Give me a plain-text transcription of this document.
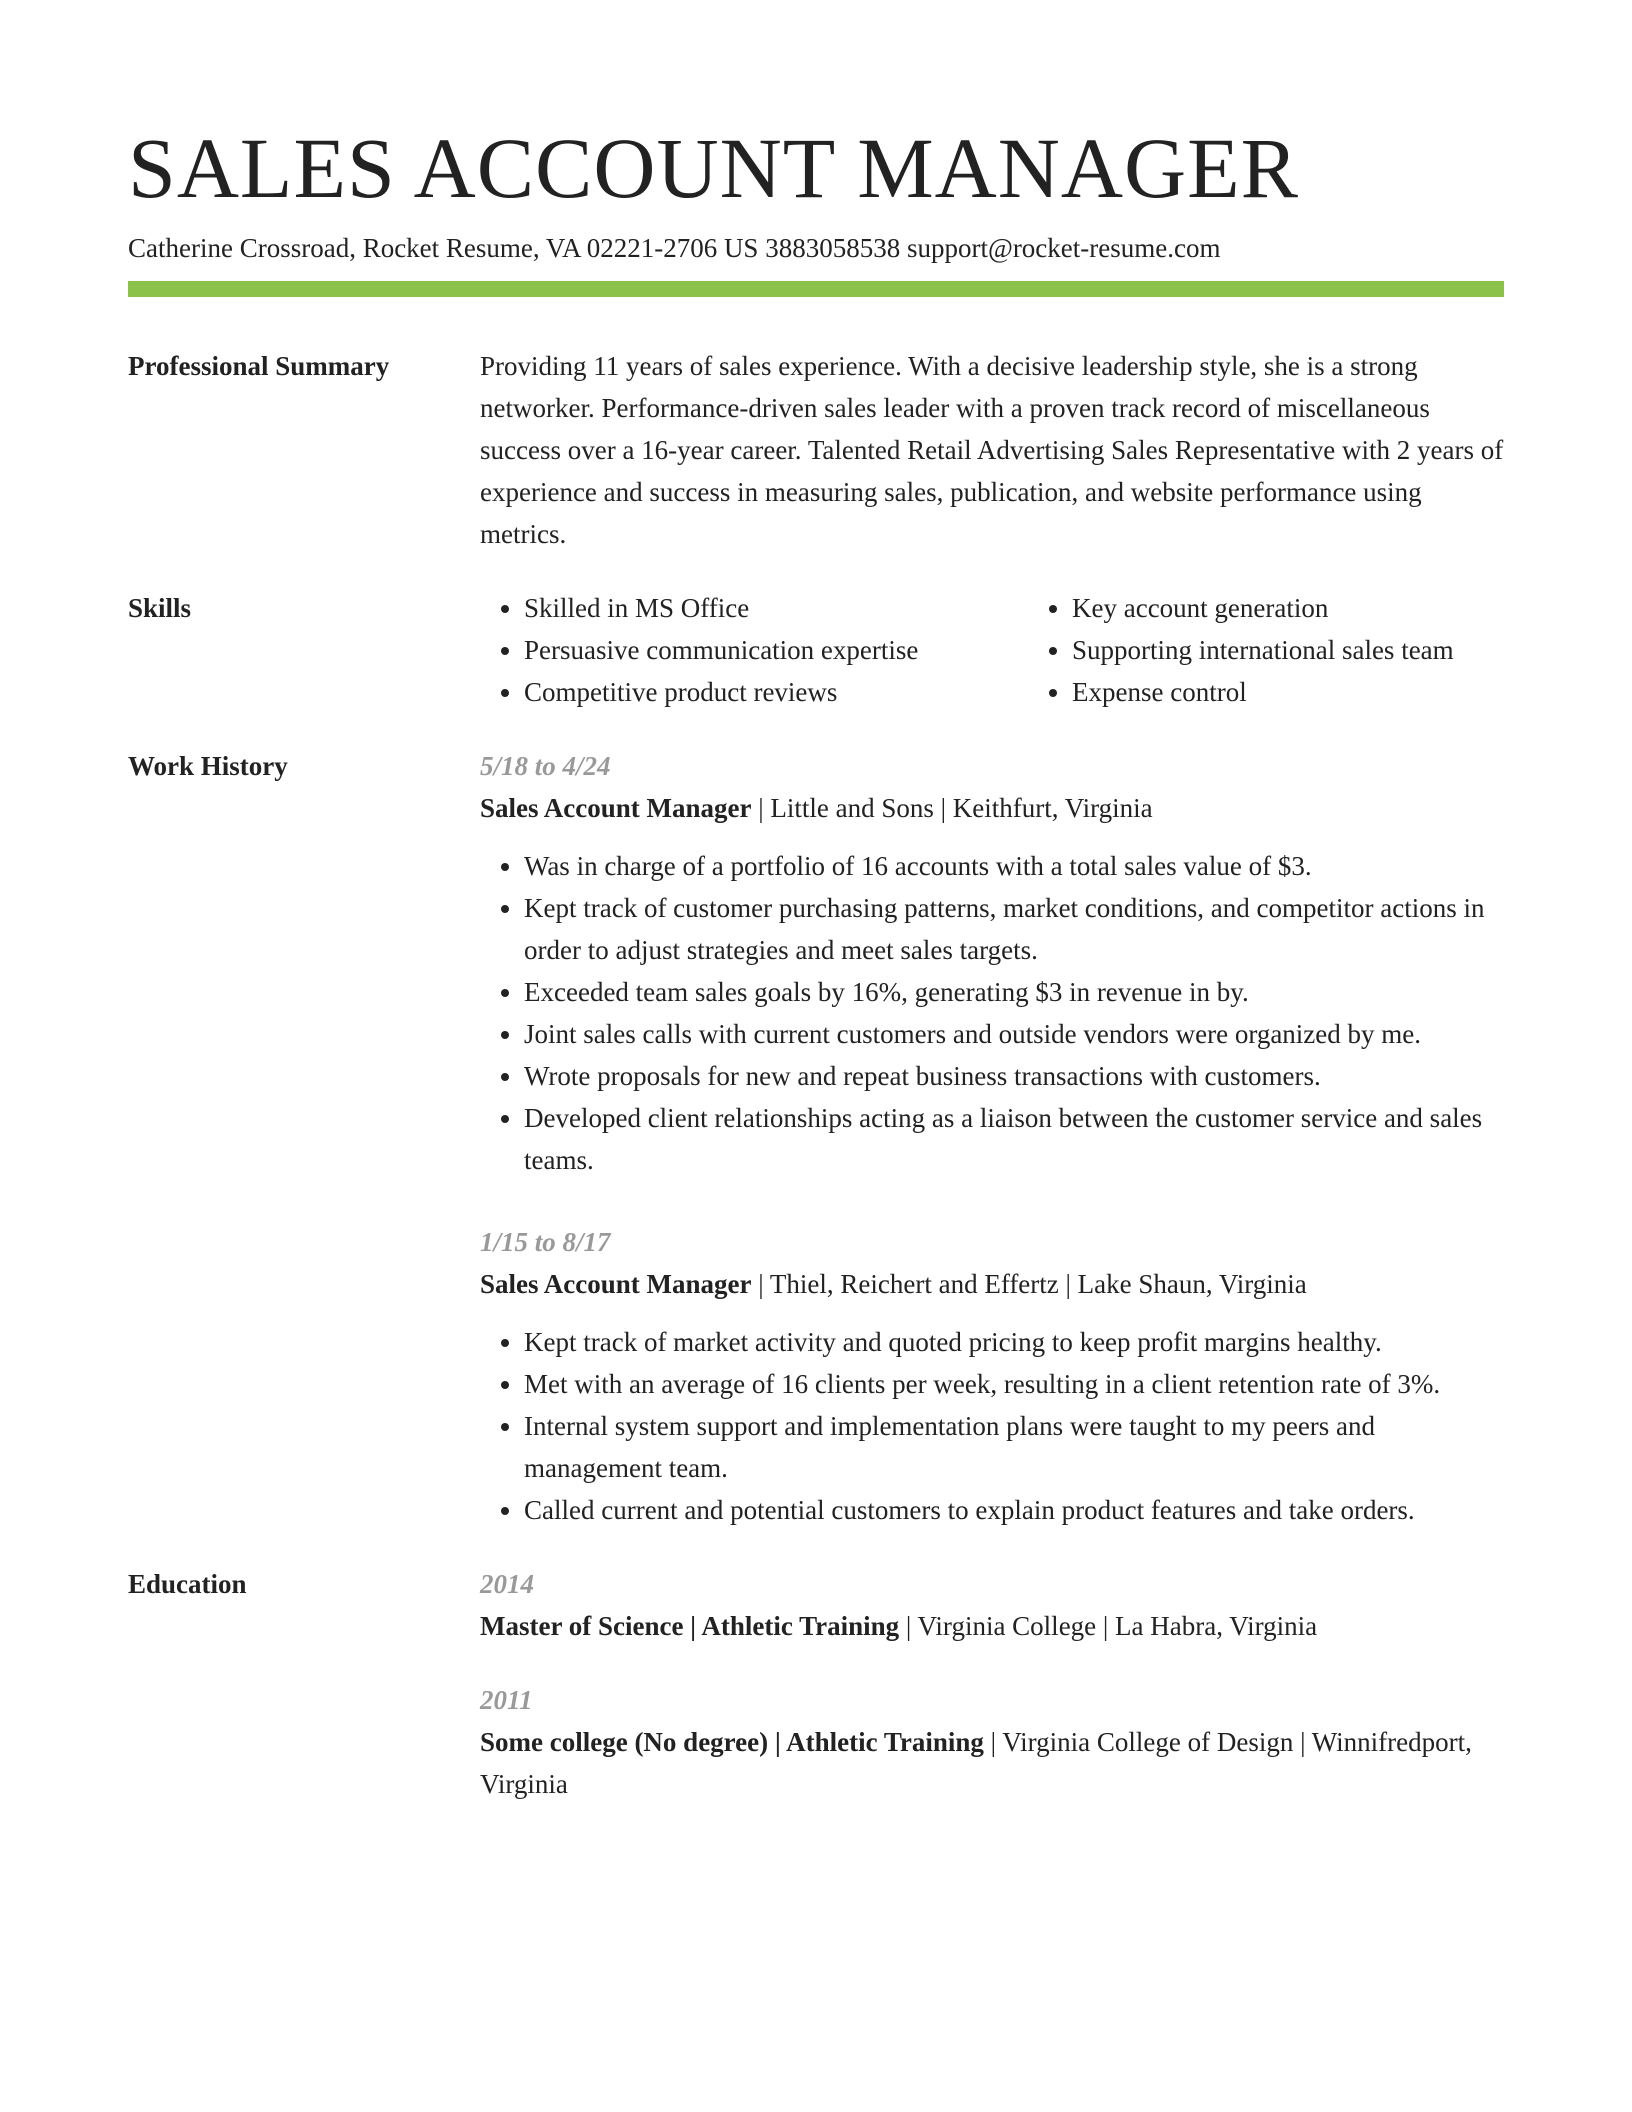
SALES ACCOUNT MANAGER
Catherine Crossroad, Rocket Resume, VA 02221-2706 US 3883058538 support@rocket-resume.com
Professional Summary	Providing 11 years of sales experience. With a decisive leadership style, she is a strong networker. Performance-driven sales leader with a proven track record of miscellaneous success over a 16-year career. Talented Retail Advertising Sales Representative with 2 years of experience and success in measuring sales, publication, and website performance using metrics.
Skills
•	Skilled in MS Office
• Persuasive communication expertise
• Competitive product reviews
• Key account generation
• Supporting international sales team
• Expense control
Work History	5/18 to 4/24
Sales Account Manager | Little and Sons | Keithfurt, Virginia
• Was in charge of a portfolio of 16 accounts with a total sales value of $3.
• Kept track of customer purchasing patterns, market conditions, and competitor actions in order to adjust strategies and meet sales targets.
• Exceeded team sales goals by 16%, generating $3 in revenue in by.
• Joint sales calls with current customers and outside vendors were organized by me.
• Wrote proposals for new and repeat business transactions with customers.
• Developed client relationships acting as a liaison between the customer service and sales teams.
1/15 to 8/17
Sales Account Manager | Thiel, Reichert and Effertz | Lake Shaun, Virginia
• Kept track of market activity and quoted pricing to keep profit margins healthy.
• Met with an average of 16 clients per week, resulting in a client retention rate of 3%.
• Internal system support and implementation plans were taught to my peers and management team.
• Called current and potential customers to explain product features and take orders.
Education	2014
Master of Science | Athletic Training | Virginia College | La Habra, Virginia
2011
Some college (No degree) | Athletic Training | Virginia College of Design | Winnifredport, Virginia
